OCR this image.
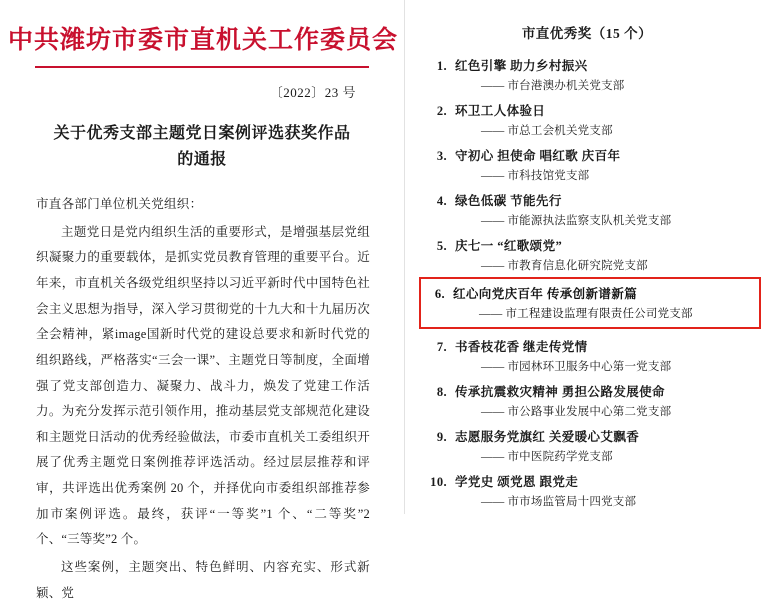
中共潍坊市委市直机关工作委员会
〔2022〕23 号
关于优秀支部主题党日案例评选获奖作品
的通报
市直各部门单位机关党组织：

主题党日是党内组织生活的重要形式，是增强基层党组织凝聚力的重要载体，是抓实党员教育管理的重要平台。近年来，市直机关各级党组织坚持以习近平新时代中国特色社会主义思想为指导，深入学习贯彻党的十九大和十九届历次全会精神，紧image国新时代党的建设总要求和新时代党的组织路线，严格落实“三会一课”、主题党日等制度，全面增强了党支部创造力、凝聚力、战斗力，焕发了党建工作活力。为充分发挥示范引领作用，推动基层党支部规范化建设和主题党日活动的优秀经验做法，市委市直机关工委组织开展了优秀主题党日案例推荐评选活动。经过层层推荐和评审，共评选出优秀案例 20 个，并择优向市委组织部推荐参加市案例评选。最终，获评“一等奖”1 个、“二等奖”2 个、“三等奖”2 个。

这些案例，主题突出、特色鲜明、内容充实、形式新颖、党

市直优秀奖（15 个）
1. 红色引擎 助力乡村振兴
—— 市台港澳办机关党支部
2. 环卫工人体验日
—— 市总工会机关党支部
3. 守初心 担使命 唱红歌 庆百年
—— 市科技馆党支部
4. 绿色低碳 节能先行
—— 市能源执法监察支队机关党支部
5. 庆七一 “红歌颂党”
—— 市教育信息化研究院党支部
6. 红心向党庆百年 传承创新谱新篇
—— 市工程建设监理有限责任公司党支部
7. 书香枝花香 继走传党情
—— 市园林环卫服务中心第一党支部
8. 传承抗震救灾精神 勇担公路发展使命
—— 市公路事业发展中心第二党支部
9. 志愿服务党旗红 关爱暖心艾飘香
—— 市中医院药学党支部
10. 学党史 颂党恩 跟党走
—— 市市场监管局十四党支部
